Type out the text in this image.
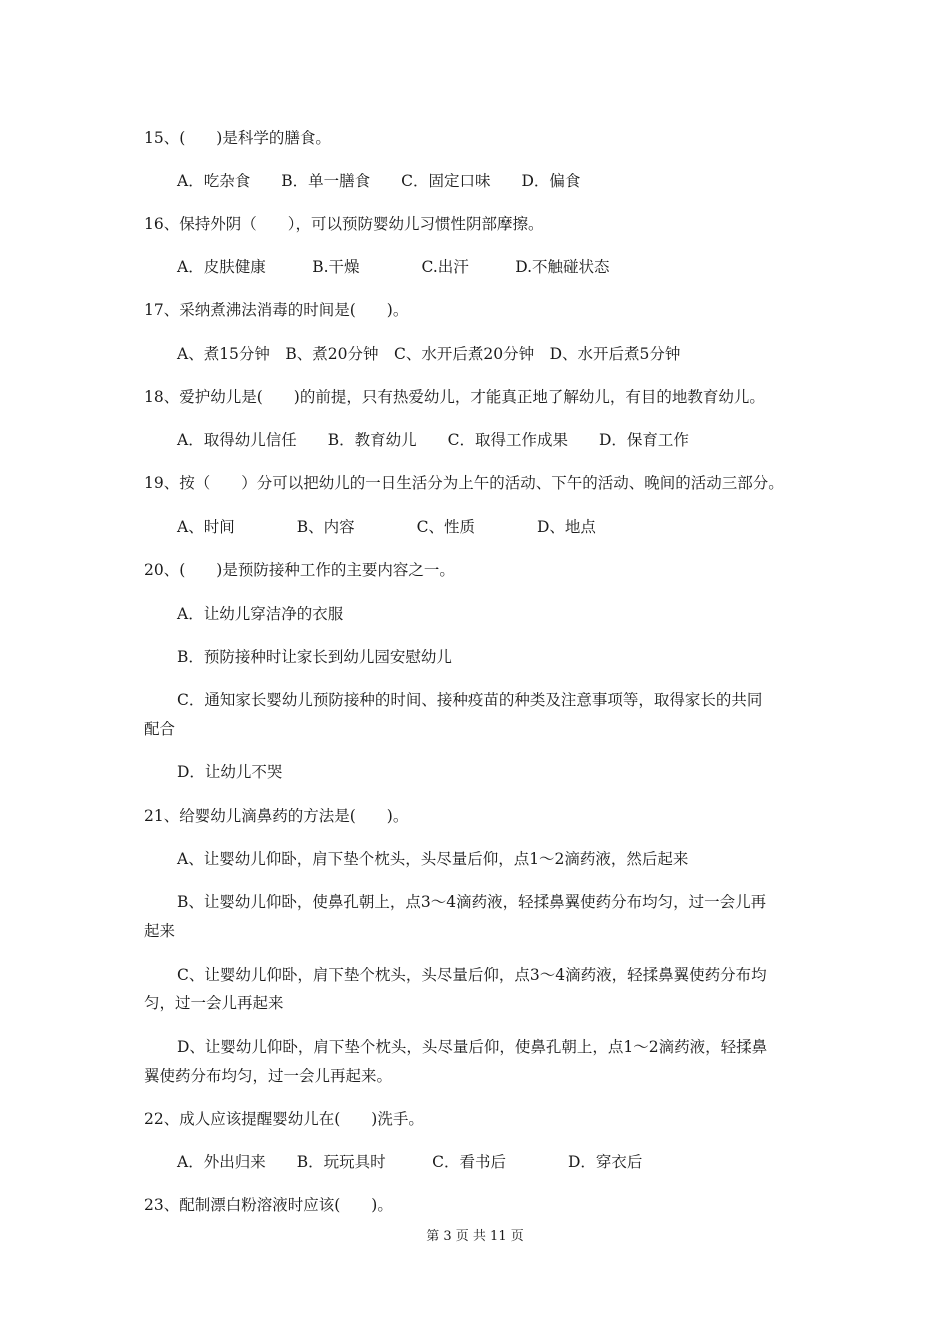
15、(　　)是科学的膳食。
A．吃杂食　　B．单一膳食　　C．固定口味　　D．偏食
16、保持外阴（　　），可以预防婴幼儿习惯性阴部摩擦。
A．皮肤健康　　　B.干燥　　　　C.出汗　　　D.不触碰状态
17、采纳煮沸法消毒的时间是(　　)。
A、煮15分钟　B、煮20分钟　C、水开后煮20分钟　D、水开后煮5分钟
18、爱护幼儿是(　　)的前提，只有热爱幼儿，才能真正地了解幼儿，有目的地教育幼儿。
A．取得幼儿信任　　B．教育幼儿　　C．取得工作成果　　D．保育工作
19、按（　　）分可以把幼儿的一日生活分为上午的活动、下午的活动、晚间的活动三部分。
A、时间　　　　B、内容　　　　C、性质　　　　D、地点
20、(　　)是预防接种工作的主要内容之一。
A．让幼儿穿洁净的衣服
B．预防接种时让家长到幼儿园安慰幼儿
C．通知家长婴幼儿预防接种的时间、接种疫苗的种类及注意事项等，取得家长的共同
配合
D．让幼儿不哭
21、给婴幼儿滴鼻药的方法是(　　)。
A、让婴幼儿仰卧，肩下垫个枕头，头尽量后仰，点1～2滴药液，然后起来
B、让婴幼儿仰卧，使鼻孔朝上，点3～4滴药液，轻揉鼻翼使药分布均匀，过一会儿再
起来
C、让婴幼儿仰卧，肩下垫个枕头，头尽量后仰，点3～4滴药液，轻揉鼻翼使药分布均
匀，过一会儿再起来
D、让婴幼儿仰卧，肩下垫个枕头，头尽量后仰，使鼻孔朝上，点1～2滴药液，轻揉鼻
翼使药分布均匀，过一会儿再起来。
22、成人应该提醒婴幼儿在(　　)洗手。
A．外出归来　　B．玩玩具时　　　C．看书后　　　　D．穿衣后
23、配制漂白粉溶液时应该(　　)。
第 3 页 共 11 页
